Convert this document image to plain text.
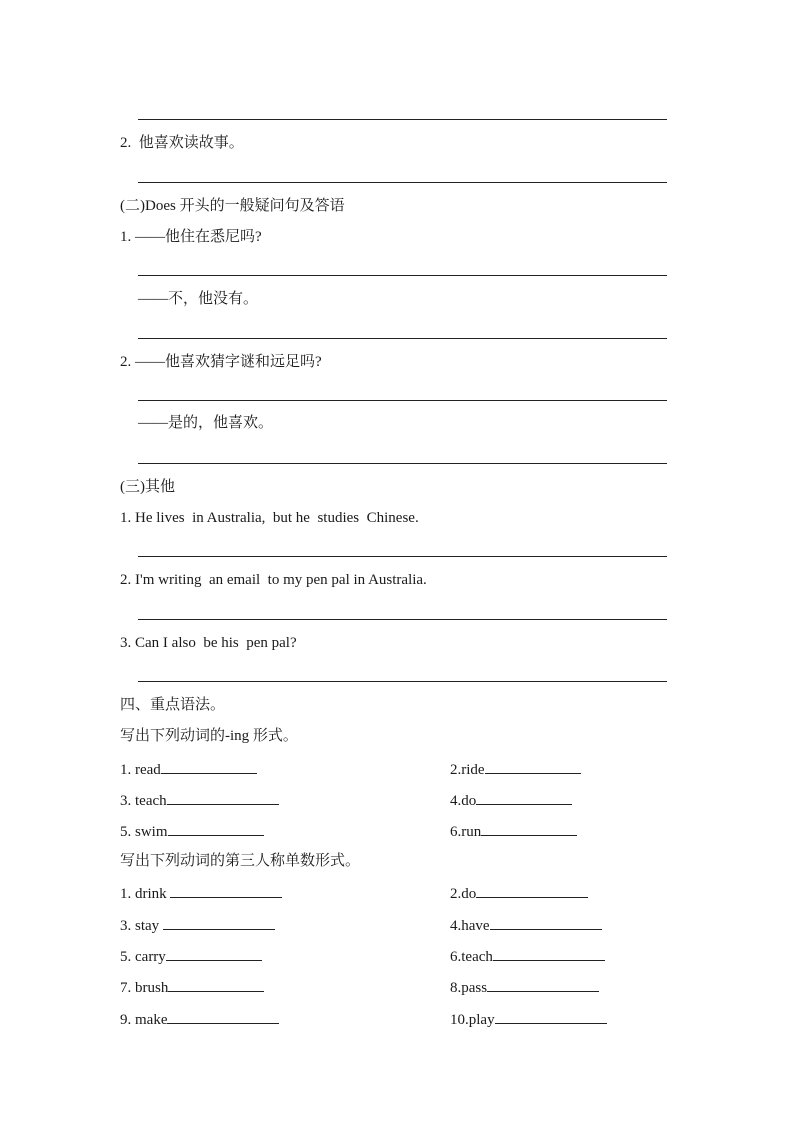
2.  他喜欢读故事。
(二)Does 开头的一般疑问句及答语
1. ——他住在悉尼吗?
——不，他没有。
2. ——他喜欢猜字谜和远足吗?
——是的，他喜欢。
(三)其他
1. He lives  in Australia,  but he  studies  Chinese.
2. I'm writing  an email  to my pen pal in Australia.
3. Can I also  be his  pen pal?
四、重点语法。
写出下列动词的-ing 形式。
1. read	2.ride
3. teach	4.do
5. swim	6.run
写出下列动词的第三人称单数形式。
1. drink	2.do
3. stay	4.have
5. carry	6.teach
7. brush	8.pass
9. make	10.play
